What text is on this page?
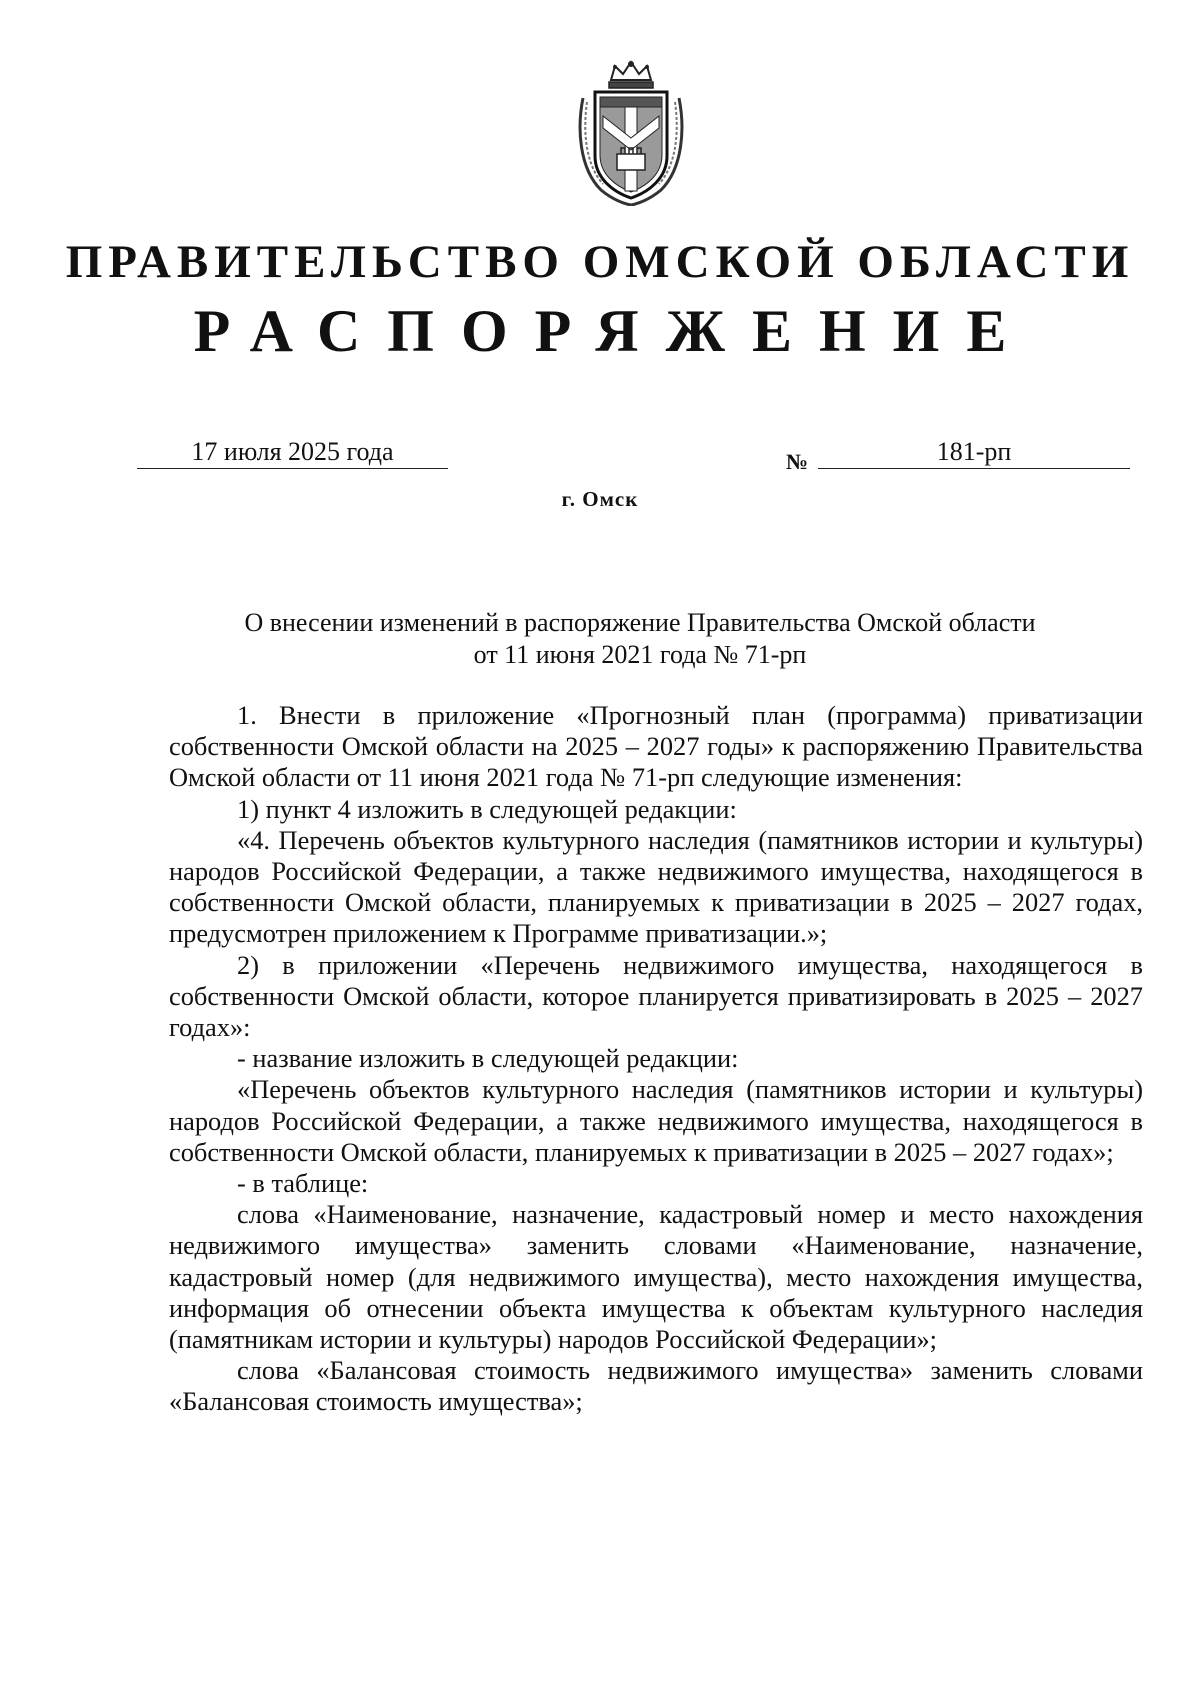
ПРАВИТЕЛЬСТВО ОМСКОЙ ОБЛАСТИ
РАСПОРЯЖЕНИЕ
17 июля 2025 года	№	181-рп
г. Омск
О внесении изменений в распоряжение Правительства Омской области
от 11 июня 2021 года № 71-рп

1. Внести в приложение «Прогнозный план (программа) приватизации собственности Омской области на 2025 – 2027 годы» к распоряжению Правительства Омской области от 11 июня 2021 года № 71-рп следующие изменения:

1) пункт 4 изложить в следующей редакции:

«4. Перечень объектов культурного наследия (памятников истории и культуры) народов Российской Федерации, а также недвижимого имущества, находящегося в собственности Омской области, планируемых к приватизации в 2025 – 2027 годах, предусмотрен приложением к Программе приватизации.»;

2) в приложении «Перечень недвижимого имущества, находящегося в собственности Омской области, которое планируется приватизировать в 2025 – 2027 годах»:

- название изложить в следующей редакции:

«Перечень объектов культурного наследия (памятников истории и культуры) народов Российской Федерации, а также недвижимого имущества, находящегося в собственности Омской области, планируемых к приватизации в 2025 – 2027 годах»;

- в таблице:

слова «Наименование, назначение, кадастровый номер и место нахождения недвижимого имущества» заменить словами «Наименование, назначение, кадастровый номер (для недвижимого имущества), место нахождения имущества, информация об отнесении объекта имущества к объектам культурного наследия (памятникам истории и культуры) народов Российской Федерации»;

слова «Балансовая стоимость недвижимого имущества» заменить словами «Балансовая стоимость имущества»;
